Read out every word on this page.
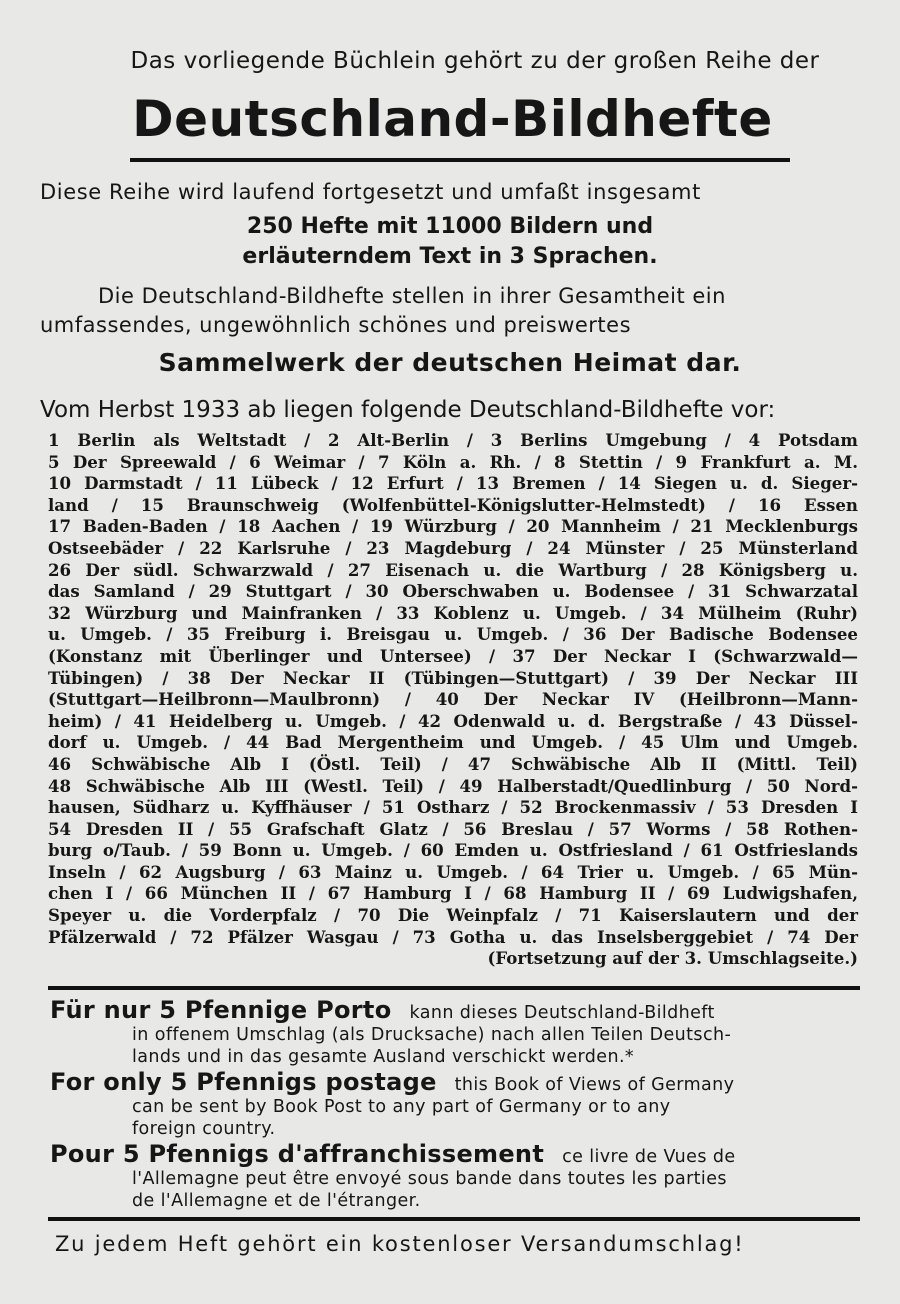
Das vorliegende Büchlein gehört zu der großen Reihe der
Deutschland-Bildhefte
Diese Reihe wird laufend fortgesetzt und umfaßt insgesamt
250 Hefte mit 11000 Bildern und
erläuterndem Text in 3 Sprachen.
Die Deutschland-Bildhefte stellen in ihrer Gesamtheit ein
umfassendes, ungewöhnlich schönes und preiswertes
Sammelwerk der deutschen Heimat dar.
Vom Herbst 1933 ab liegen folgende Deutschland-Bildhefte vor:
1 Berlin als Weltstadt / 2 Alt-Berlin / 3 Berlins Umgebung / 4 Potsdam
5 Der Spreewald / 6 Weimar / 7 Köln a. Rh. / 8 Stettin / 9 Frankfurt a. M.
10 Darmstadt / 11 Lübeck / 12 Erfurt / 13 Bremen / 14 Siegen u. d. Sieger-
land / 15 Braunschweig (Wolfenbüttel-Königslutter-Helmstedt) / 16 Essen
17 Baden-Baden / 18 Aachen / 19 Würzburg / 20 Mannheim / 21 Mecklenburgs
Ostseebäder / 22 Karlsruhe / 23 Magdeburg / 24 Münster / 25 Münsterland
26 Der südl. Schwarzwald / 27 Eisenach u. die Wartburg / 28 Königsberg u.
das Samland / 29 Stuttgart / 30 Oberschwaben u. Bodensee / 31 Schwarzatal
32 Würzburg und Mainfranken / 33 Koblenz u. Umgeb. / 34 Mülheim (Ruhr)
u. Umgeb. / 35 Freiburg i. Breisgau u. Umgeb. / 36 Der Badische Bodensee
(Konstanz mit Überlinger und Untersee) / 37 Der Neckar I (Schwarzwald—
Tübingen) / 38 Der Neckar II (Tübingen—Stuttgart) / 39 Der Neckar III
(Stuttgart—Heilbronn—Maulbronn) / 40 Der Neckar IV (Heilbronn—Mann-
heim) / 41 Heidelberg u. Umgeb. / 42 Odenwald u. d. Bergstraße / 43 Düssel-
dorf u. Umgeb. / 44 Bad Mergentheim und Umgeb. / 45 Ulm und Umgeb.
46 Schwäbische Alb I (Östl. Teil) / 47 Schwäbische Alb II (Mittl. Teil)
48 Schwäbische Alb III (Westl. Teil) / 49 Halberstadt/Quedlinburg / 50 Nord-
hausen, Südharz u. Kyffhäuser / 51 Ostharz / 52 Brockenmassiv / 53 Dresden I
54 Dresden II / 55 Grafschaft Glatz / 56 Breslau / 57 Worms / 58 Rothen-
burg o/Taub. / 59 Bonn u. Umgeb. / 60 Emden u. Ostfriesland / 61 Ostfrieslands
Inseln / 62 Augsburg / 63 Mainz u. Umgeb. / 64 Trier u. Umgeb. / 65 Mün-
chen I / 66 München II / 67 Hamburg I / 68 Hamburg II / 69 Ludwigshafen,
Speyer u. die Vorderpfalz / 70 Die Weinpfalz / 71 Kaiserslautern und der
Pfälzerwald / 72 Pfälzer Wasgau / 73 Gotha u. das Inselsberggebiet / 74 Der
(Fortsetzung auf der 3. Umschlagseite.)
Für nur 5 Pfennige Porto kann dieses Deutschland-Bildheft
in offenem Umschlag (als Drucksache) nach allen Teilen Deutsch-
lands und in das gesamte Ausland verschickt werden.*
For only 5 Pfennigs postage this Book of Views of Germany
can be sent by Book Post to any part of Germany or to any
foreign country.
Pour 5 Pfennigs d'affranchissement ce livre de Vues de
l'Allemagne peut être envoyé sous bande dans toutes les parties
de l'Allemagne et de l'étranger.
Zu jedem Heft gehört ein kostenloser Versandumschlag!
